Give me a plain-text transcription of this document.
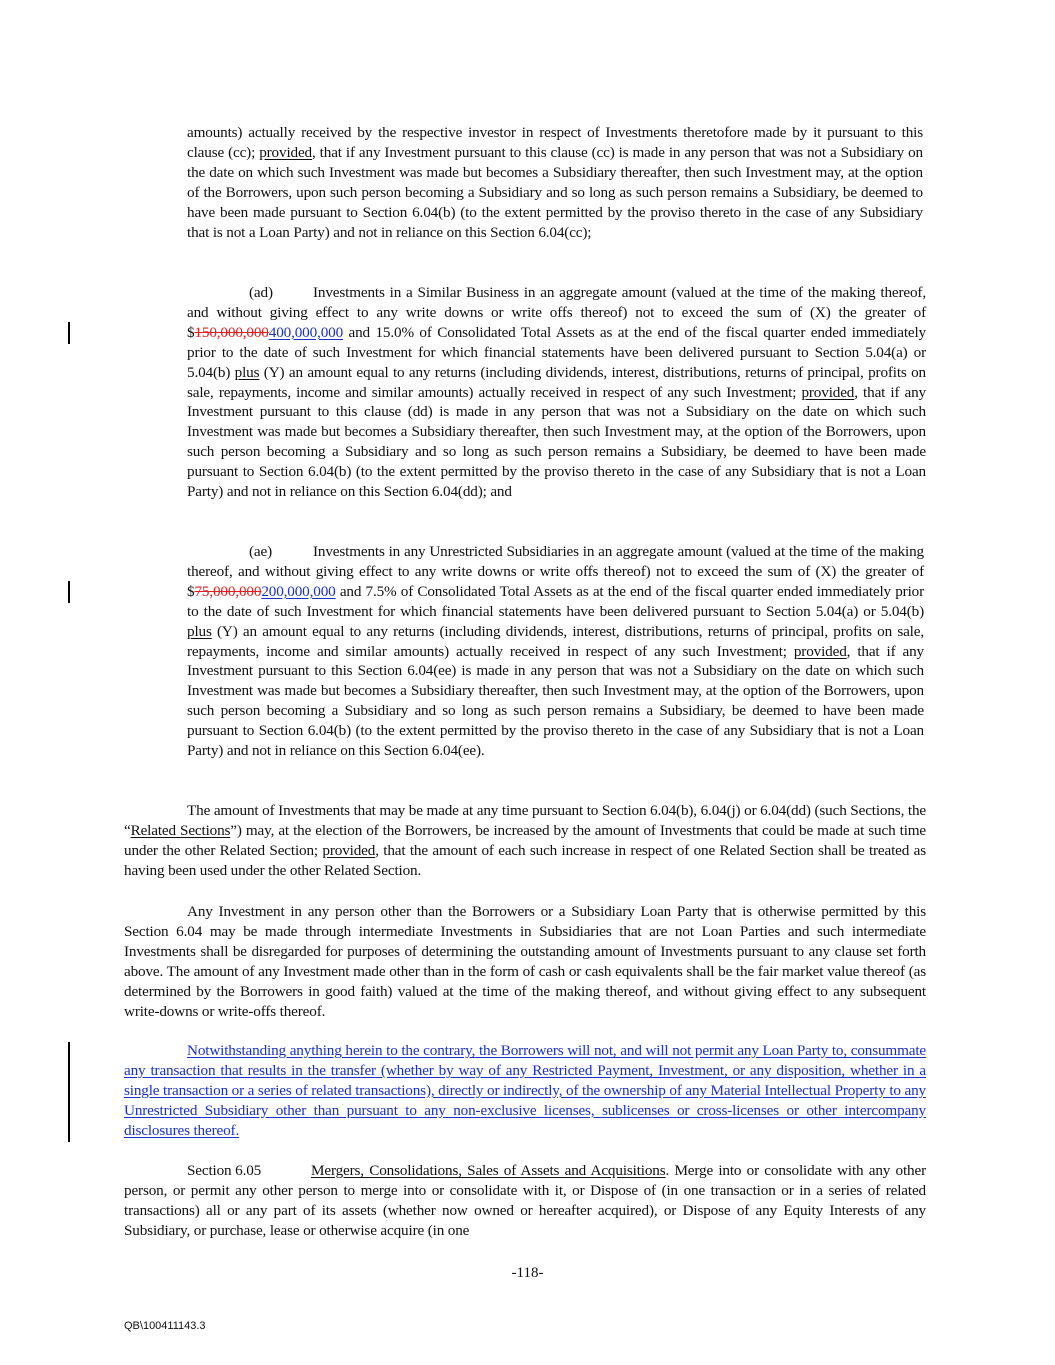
amounts) actually received by the respective investor in respect of Investments theretofore made by it pursuant to this clause (cc); provided, that if any Investment pursuant to this clause (cc) is made in any person that was not a Subsidiary on the date on which such Investment was made but becomes a Subsidiary thereafter, then such Investment may, at the option of the Borrowers, upon such person becoming a Subsidiary and so long as such person remains a Subsidiary, be deemed to have been made pursuant to Section 6.04(b) (to the extent permitted by the proviso thereto in the case of any Subsidiary that is not a Loan Party) and not in reliance on this Section 6.04(cc);

(ad)	Investments in a Similar Business in an aggregate amount (valued at the time of the making thereof, and without giving effect to any write downs or write offs thereof) not to exceed the sum of (X) the greater of $150,000,000400,000,000 and 15.0% of Consolidated Total Assets as at the end of the fiscal quarter ended immediately prior to the date of such Investment for which financial statements have been delivered pursuant to Section 5.04(a) or 5.04(b) plus (Y) an amount equal to any returns (including dividends, interest, distributions, returns of principal, profits on sale, repayments, income and similar amounts) actually received in respect of any such Investment; provided, that if any Investment pursuant to this clause (dd) is made in any person that was not a Subsidiary on the date on which such Investment was made but becomes a Subsidiary thereafter, then such Investment may, at the option of the Borrowers, upon such person becoming a Subsidiary and so long as such person remains a Subsidiary, be deemed to have been made pursuant to Section 6.04(b) (to the extent permitted by the proviso thereto in the case of any Subsidiary that is not a Loan Party) and not in reliance on this Section 6.04(dd); and

(ae)	Investments in any Unrestricted Subsidiaries in an aggregate amount (valued at the time of the making thereof, and without giving effect to any write downs or write offs thereof) not to exceed the sum of (X) the greater of $75,000,000200,000,000 and 7.5% of Consolidated Total Assets as at the end of the fiscal quarter ended immediately prior to the date of such Investment for which financial statements have been delivered pursuant to Section 5.04(a) or 5.04(b) plus (Y) an amount equal to any returns (including dividends, interest, distributions, returns of principal, profits on sale, repayments, income and similar amounts) actually received in respect of any such Investment; provided, that if any Investment pursuant to this Section 6.04(ee) is made in any person that was not a Subsidiary on the date on which such Investment was made but becomes a Subsidiary thereafter, then such Investment may, at the option of the Borrowers, upon such person becoming a Subsidiary and so long as such person remains a Subsidiary, be deemed to have been made pursuant to Section 6.04(b) (to the extent permitted by the proviso thereto in the case of any Subsidiary that is not a Loan Party) and not in reliance on this Section 6.04(ee).

The amount of Investments that may be made at any time pursuant to Section 6.04(b), 6.04(j) or 6.04(dd) (such Sections, the “Related Sections”) may, at the election of the Borrowers, be increased by the amount of Investments that could be made at such time under the other Related Section; provided, that the amount of each such increase in respect of one Related Section shall be treated as having been used under the other Related Section.

Any Investment in any person other than the Borrowers or a Subsidiary Loan Party that is otherwise permitted by this Section 6.04 may be made through intermediate Investments in Subsidiaries that are not Loan Parties and such intermediate Investments shall be disregarded for purposes of determining the outstanding amount of Investments pursuant to any clause set forth above. The amount of any Investment made other than in the form of cash or cash equivalents shall be the fair market value thereof (as determined by the Borrowers in good faith) valued at the time of the making thereof, and without giving effect to any subsequent write-downs or write-offs thereof.

Notwithstanding anything herein to the contrary, the Borrowers will not, and will not permit any Loan Party to, consummate any transaction that results in the transfer (whether by way of any Restricted Payment, Investment, or any disposition, whether in a single transaction or a series of related transactions), directly or indirectly, of the ownership of any Material Intellectual Property to any Unrestricted Subsidiary other than pursuant to any non-exclusive licenses, sublicenses or cross-licenses or other intercompany disclosures thereof.

Section 6.05	Mergers, Consolidations, Sales of Assets and Acquisitions. Merge into or consolidate with any other person, or permit any other person to merge into or consolidate with it, or Dispose of (in one transaction or in a series of related transactions) all or any part of its assets (whether now owned or hereafter acquired), or Dispose of any Equity Interests of any Subsidiary, or purchase, lease or otherwise acquire (in one

-118-
QB\100411143.3
